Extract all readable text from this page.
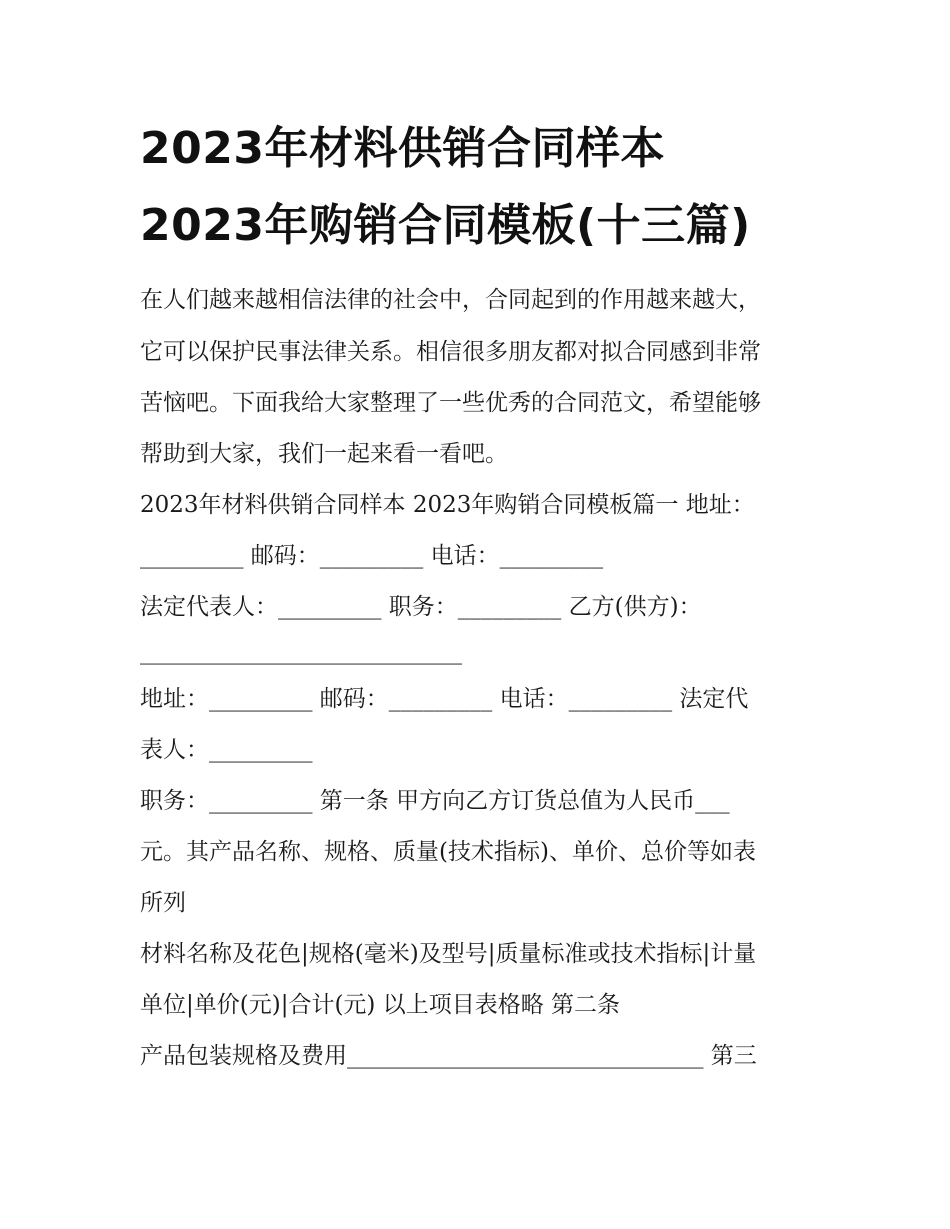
2023年材料供销合同样本
2023年购销合同模板(十三篇)
在人们越来越相信法律的社会中，合同起到的作用越来越大，
它可以保护民事法律关系。相信很多朋友都对拟合同感到非常
苦恼吧。下面我给大家整理了一些优秀的合同范文，希望能够
帮助到大家，我们一起来看一看吧。
2023年材料供销合同样本 2023年购销合同模板篇一 地址：
_________ 邮码：_________ 电话：_________
法定代表人：_________ 职务：_________ 乙方(供方)：
____________________________
地址：_________ 邮码：_________ 电话：_________ 法定代
表人：_________
职务：_________ 第一条 甲方向乙方订货总值为人民币___
元。其产品名称、规格、质量(技术指标)、单价、总价等如表
所列
材料名称及花色|规格(毫米)及型号|质量标准或技术指标|计量
单位|单价(元)|合计(元) 以上项目表格略 第二条
产品包装规格及费用_______________________________ 第三
